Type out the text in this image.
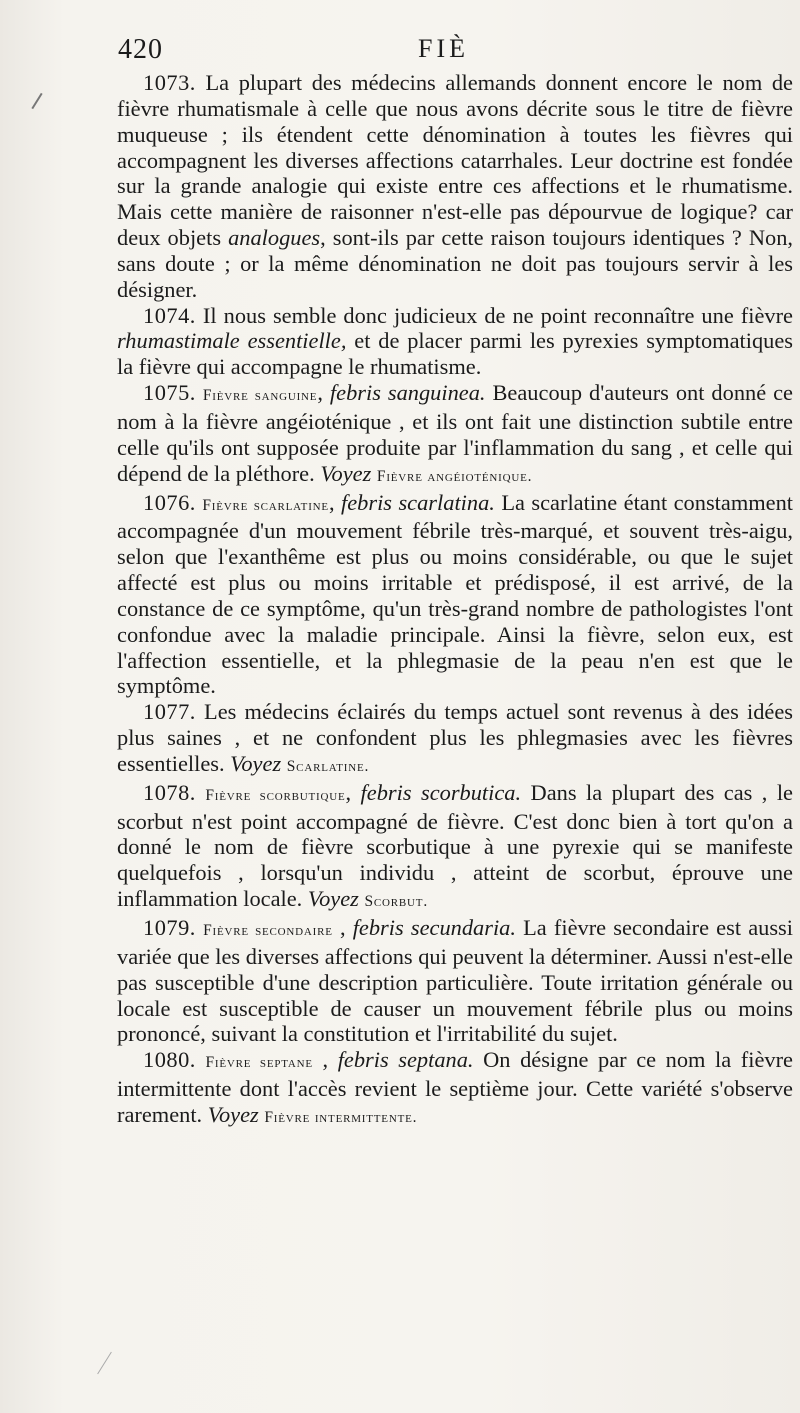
420	FIÈ

1073. La plupart des médecins allemands donnent encore le nom de fièvre rhumatismale à celle que nous avons décrite sous le titre de fièvre muqueuse ; ils étendent cette dénomination à toutes les fièvres qui accompagnent les diverses affections catarrhales. Leur doctrine est fondée sur la grande analogie qui existe entre ces affections et le rhumatisme. Mais cette manière de raisonner n'est-elle pas dépourvue de logique? car deux objets analogues, sont-ils par cette raison toujours identiques ? Non, sans doute ; or la même dénomination ne doit pas toujours servir à les désigner.

1074. Il nous semble donc judicieux de ne point reconnaître une fièvre rhumastimale essentielle, et de placer parmi les pyrexies symptomatiques la fièvre qui accompagne le rhumatisme.

1075. Fièvre sanguine, febris sanguinea. Beaucoup d'auteurs ont donné ce nom à la fièvre angéioténique , et ils ont fait une distinction subtile entre celle qu'ils ont supposée produite par l'inflammation du sang , et celle qui dépend de la pléthore. Voyez Fièvre angéioténique.

1076. Fièvre scarlatine, febris scarlatina. La scarlatine étant constamment accompagnée d'un mouvement fébrile très-marqué, et souvent très-aigu, selon que l'exanthême est plus ou moins considérable, ou que le sujet affecté est plus ou moins irritable et prédisposé, il est arrivé, de la constance de ce symptôme, qu'un très-grand nombre de pathologistes l'ont confondue avec la maladie principale. Ainsi la fièvre, selon eux, est l'affection essentielle, et la phlegmasie de la peau n'en est que le symptôme.

1077. Les médecins éclairés du temps actuel sont revenus à des idées plus saines , et ne confondent plus les phlegmasies avec les fièvres essentielles. Voyez Scarlatine.

1078. Fièvre scorbutique, febris scorbutica. Dans la plupart des cas , le scorbut n'est point accompagné de fièvre. C'est donc bien à tort qu'on a donné le nom de fièvre scorbutique à une pyrexie qui se manifeste quelquefois , lorsqu'un individu , atteint de scorbut, éprouve une inflammation locale. Voyez Scorbut.

1079. Fièvre secondaire , febris secundaria. La fièvre secondaire est aussi variée que les diverses affections qui peuvent la déterminer. Aussi n'est-elle pas susceptible d'une description particulière. Toute irritation générale ou locale est susceptible de causer un mouvement fébrile plus ou moins prononcé, suivant la constitution et l'irritabilité du sujet.

1080. Fièvre septane , febris septana. On désigne par ce nom la fièvre intermittente dont l'accès revient le septième jour. Cette variété s'observe rarement. Voyez Fièvre intermittente.
